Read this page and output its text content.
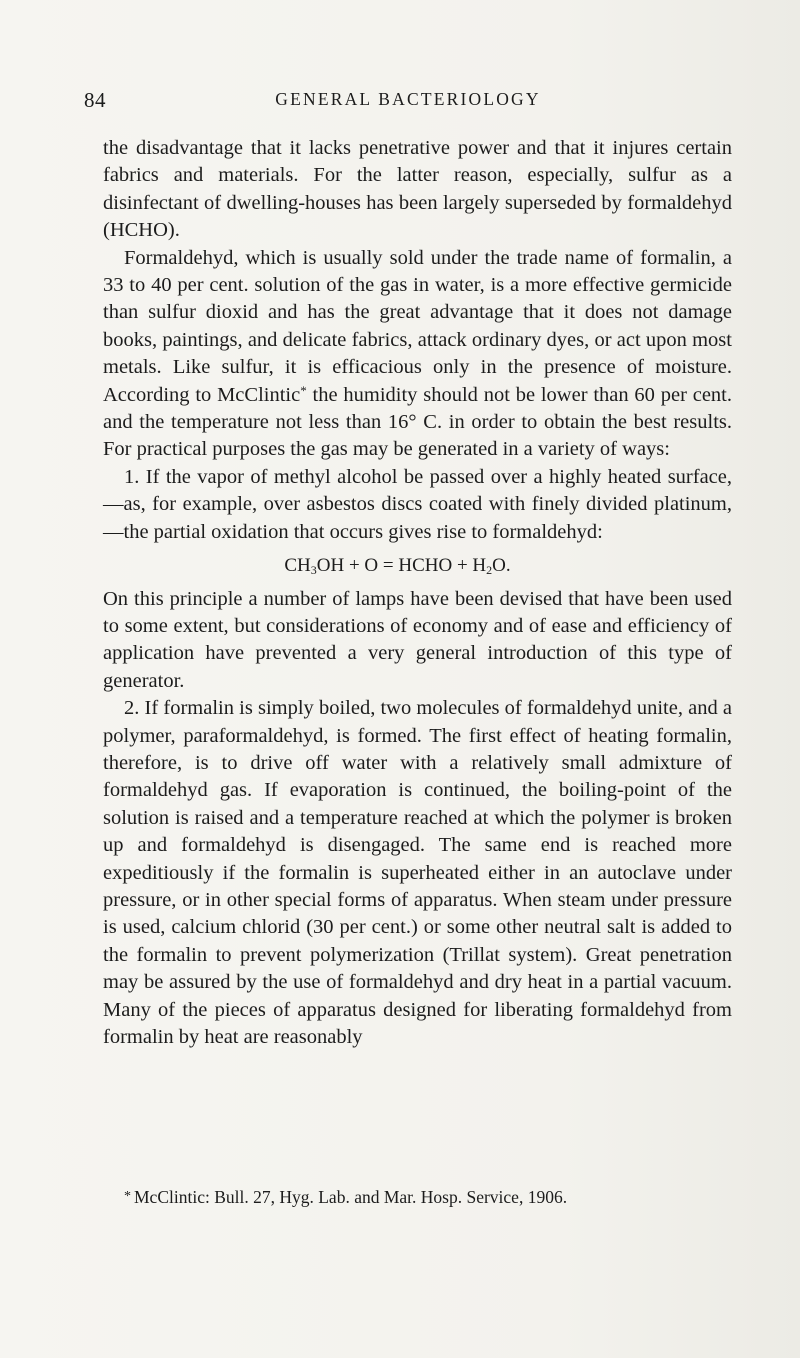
84	GENERAL BACTERIOLOGY

the disadvantage that it lacks penetrative power and that it injures certain fabrics and materials. For the latter reason, especially, sulfur as a disinfectant of dwelling-houses has been largely superseded by formaldehyd (HCHO).

Formaldehyd, which is usually sold under the trade name of formalin, a 33 to 40 per cent. solution of the gas in water, is a more effective germicide than sulfur dioxid and has the great advantage that it does not damage books, paintings, and delicate fabrics, attack ordinary dyes, or act upon most metals. Like sulfur, it is efficacious only in the presence of moisture. According to McClintic* the humidity should not be lower than 60 per cent. and the temperature not less than 16° C. in order to obtain the best results. For practical purposes the gas may be generated in a variety of ways:

1. If the vapor of methyl alcohol be passed over a highly heated surface,—as, for example, over asbestos discs coated with finely divided platinum,—the partial oxidation that occurs gives rise to formaldehyd:

$CH_3OH + O$ = HCHO + $H_2O$.

On this principle a number of lamps have been devised that have been used to some extent, but considerations of economy and of ease and efficiency of application have prevented a very general introduction of this type of generator.

2. If formalin is simply boiled, two molecules of formaldehyd unite, and a polymer, paraformaldehyd, is formed. The first effect of heating formalin, therefore, is to drive off water with a relatively small admixture of formaldehyd gas. If evaporation is continued, the boiling-point of the solution is raised and a temperature reached at which the polymer is broken up and formaldehyd is disengaged. The same end is reached more expeditiously if the formalin is superheated either in an autoclave under pressure, or in other special forms of apparatus. When steam under pressure is used, calcium chlorid (30 per cent.) or some other neutral salt is added to the formalin to prevent polymerization (Trillat system). Great penetration may be assured by the use of formaldehyd and dry heat in a partial vacuum. Many of the pieces of apparatus designed for liberating formaldehyd from formalin by heat are reasonably

* McClintic: Bull. 27, Hyg. Lab. and Mar. Hosp. Service, 1906.
